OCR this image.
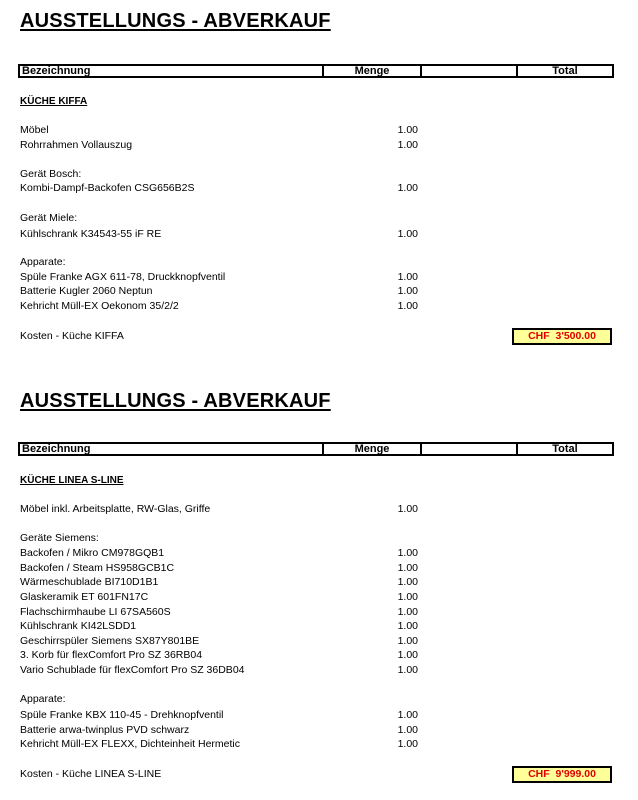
AUSSTELLUNGS - ABVERKAUF
Bezeichnung	Menge	Total
KÜCHE KIFFA
Möbel	1.00
Rohrrahmen Vollauszug	1.00
Gerät Bosch:
Kombi-Dampf-Backofen CSG656B2S	1.00
Gerät Miele:
Kühlschrank K34543-55 iF RE	1.00
Apparate:
Spüle Franke AGX 611-78, Druckknopfventil	1.00
Batterie Kugler 2060 Neptun	1.00
Kehricht Müll-EX Oekonom 35/2/2	1.00
Kosten - Küche KIFFA	CHF  3'500.00
AUSSTELLUNGS - ABVERKAUF
Bezeichnung	Menge	Total
KÜCHE LINEA S-LINE
Möbel inkl. Arbeitsplatte, RW-Glas, Griffe	1.00
Geräte Siemens:
Backofen / Mikro CM978GQB1	1.00
Backofen / Steam HS958GCB1C	1.00
Wärmeschublade BI710D1B1	1.00
Glaskeramik ET 601FN17C	1.00
Flachschirmhaube LI 67SA560S	1.00
Kühlschrank KI42LSDD1	1.00
Geschirrspüler Siemens SX87Y801BE	1.00
3. Korb für flexComfort Pro SZ 36RB04	1.00
Vario Schublade für flexComfort Pro SZ 36DB04	1.00
Apparate:
Spüle Franke KBX 110-45 - Drehknopfventil	1.00
Batterie arwa-twinplus PVD schwarz	1.00
Kehricht Müll-EX FLEXX, Dichteinheit Hermetic	1.00
Kosten - Küche LINEA S-LINE	CHF  9'999.00
